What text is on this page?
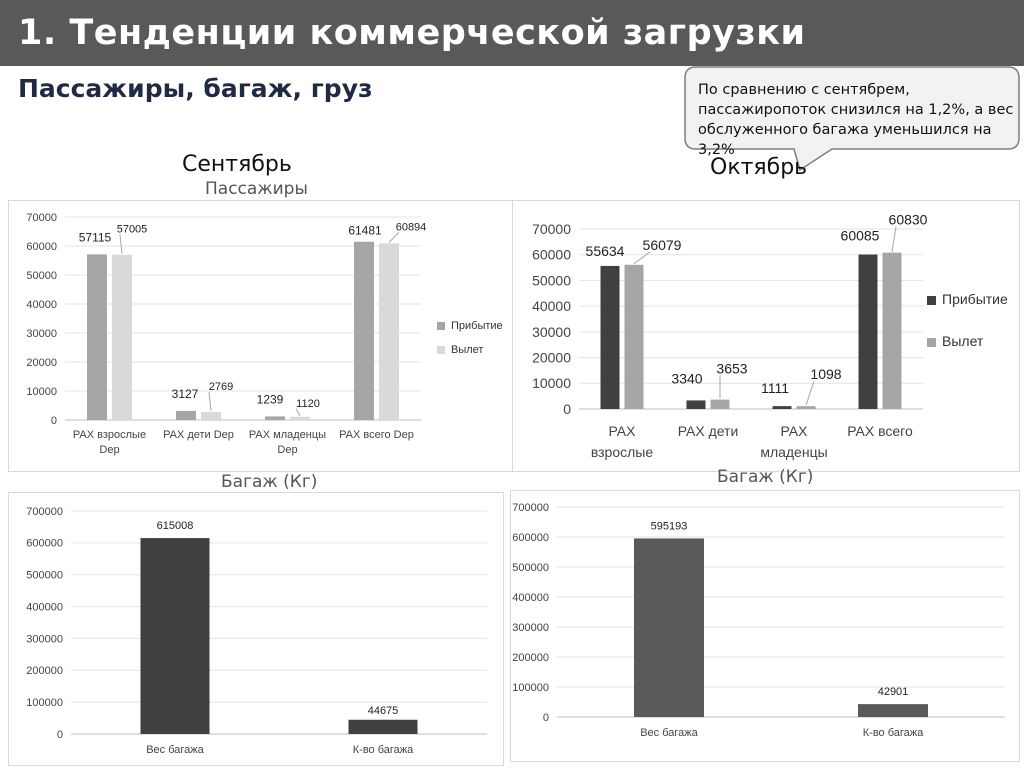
1. Тенденции коммерческой загрузки
Пассажиры, багаж, груз	По сравнению с сентябрем, пассажиропоток снизился на 1,2%, а вес обслуженного багажа уменьшился на 3,2%
Сентябрь	Октябрь
Пассажиры
0
10000
20000
30000
40000
50000
60000
70000
PAX взрослые
Dep
57115
57005
PAX дети Dep
3127 2769
PAX младенцы
Dep
1239 1120
PAX всего Dep
61481 60894
Прибытие
Вылет
0
10000
20000
30000
40000
50000
60000
70000
PAX
взрослые
55634 56079
PAX дети
3340
3653
PAX
младенцы
1111
1098
PAX всего
60085
60830
Прибытие
Вылет
Багаж (Кг)
0
100000
200000
300000
400000
500000
600000
700000
Вес багажа
615008
К-во багажа
44675
Багаж (Кг)
0
100000
200000
300000
400000
500000
600000
700000
Вес багажа
595193
К-во багажа
42901
